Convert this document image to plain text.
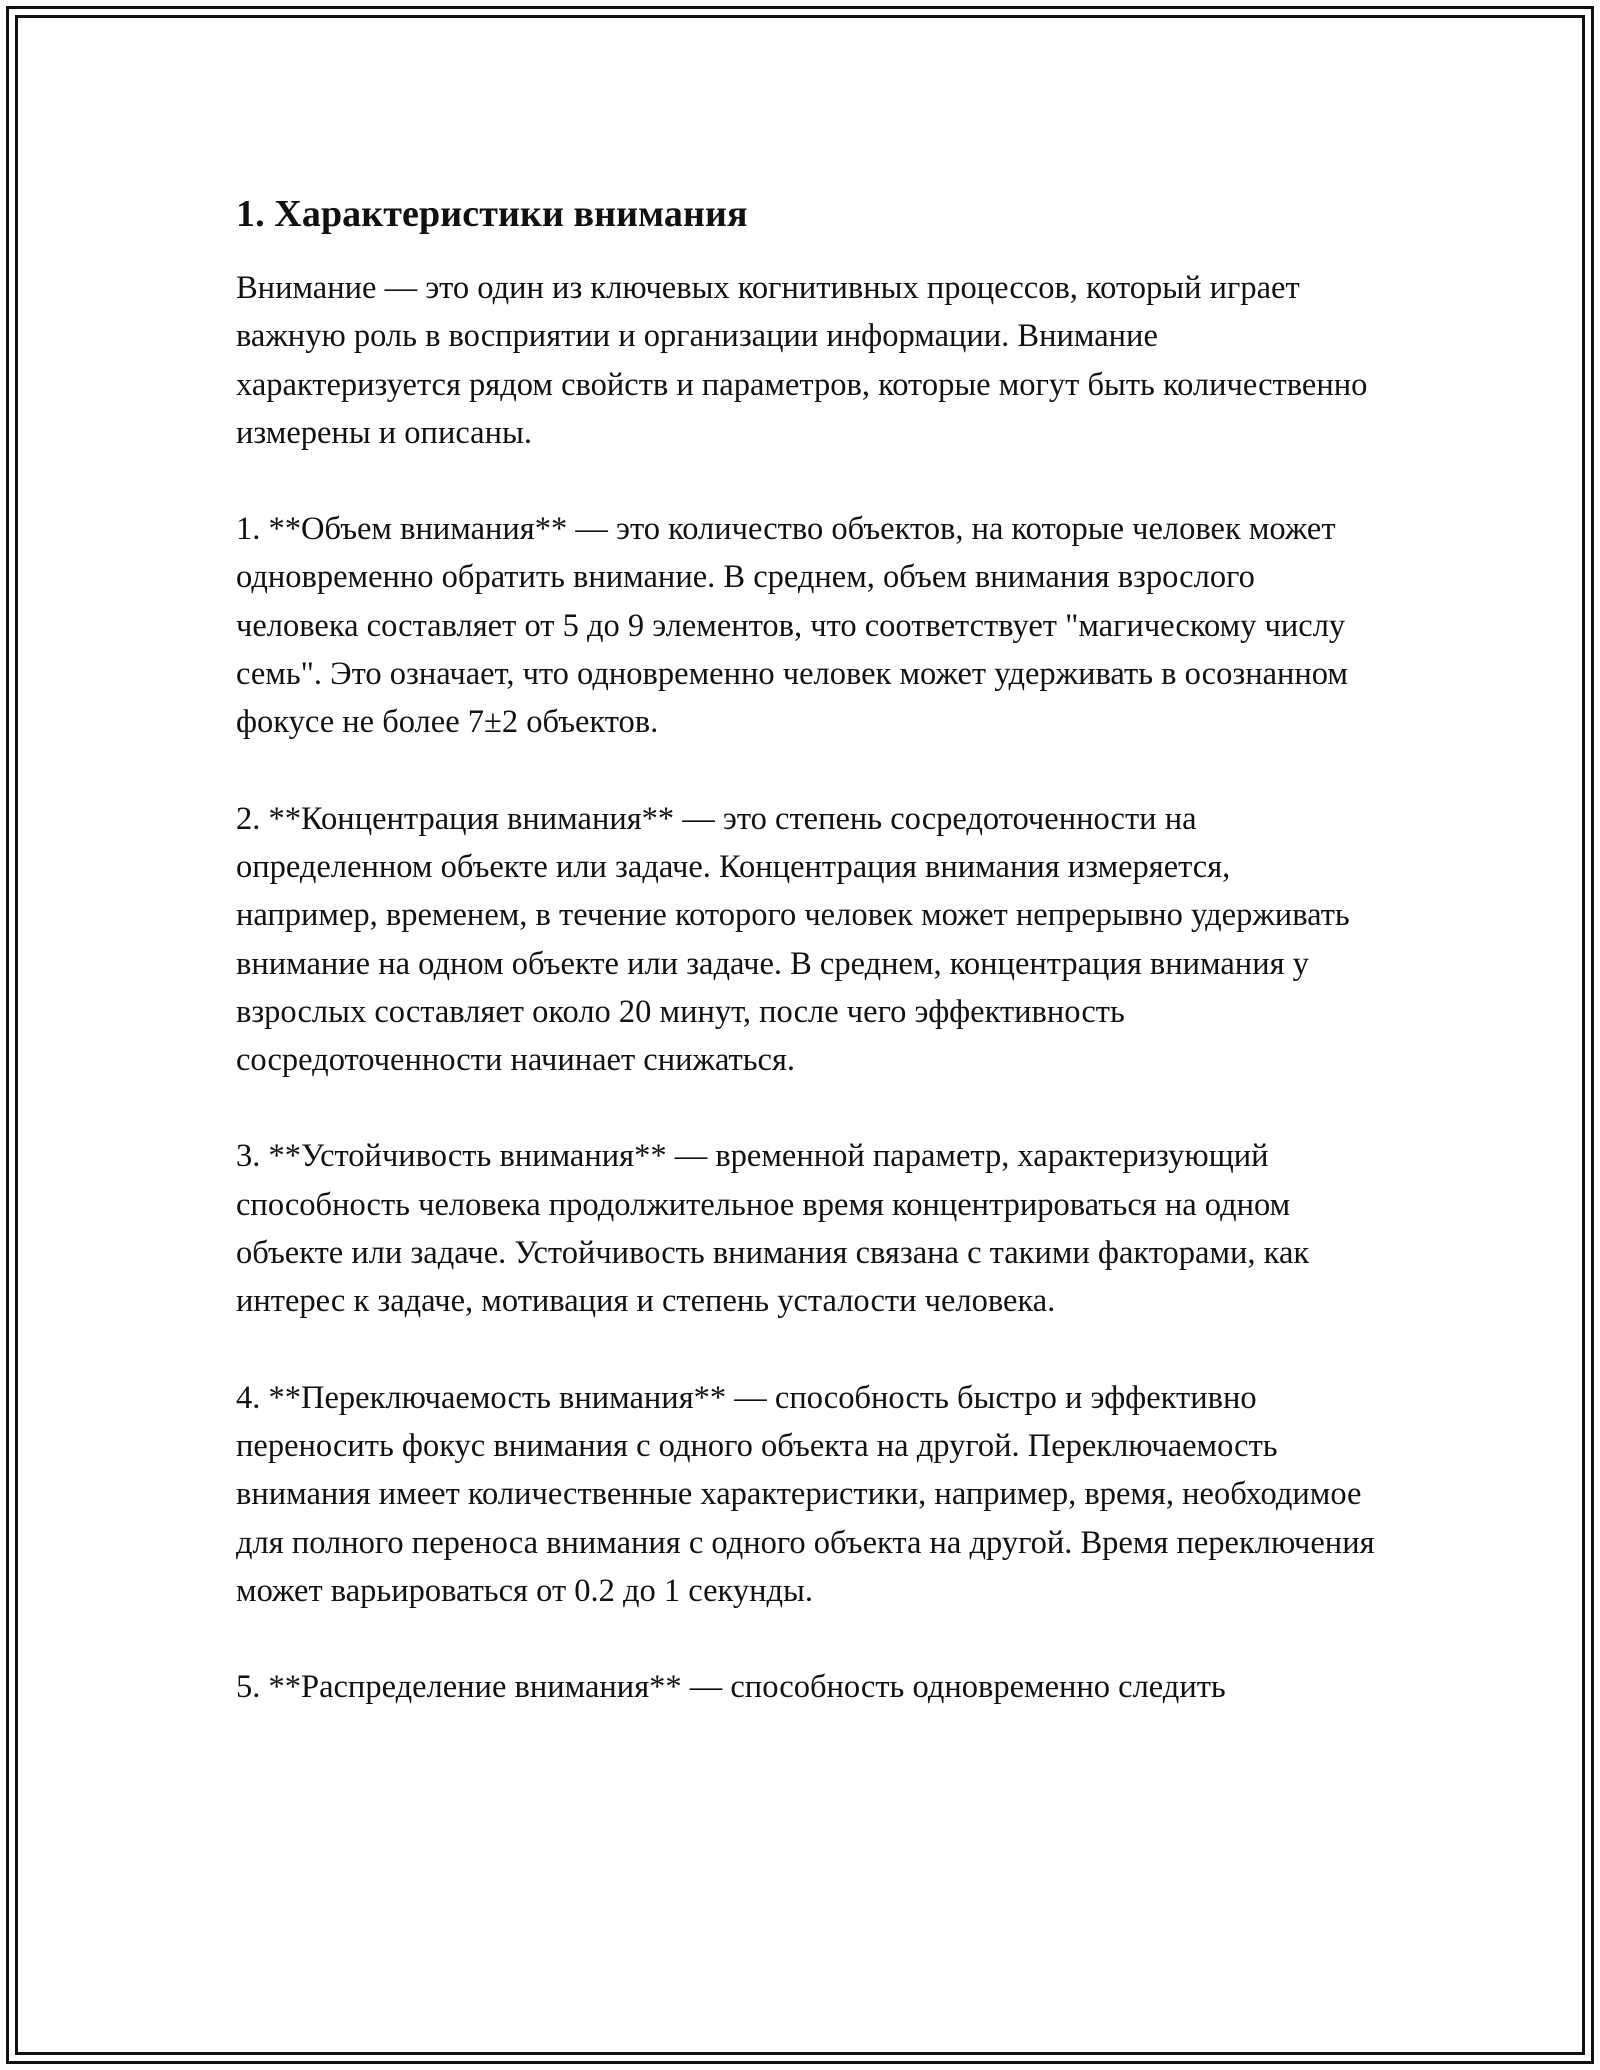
1. Характеристики внимания

Внимание — это один из ключевых когнитивных процессов, который играет важную роль в восприятии и организации информации. Внимание характеризуется рядом свойств и параметров, которые могут быть количественно измерены и описаны.

1. **Объем внимания** — это количество объектов, на которые человек может одновременно обратить внимание. В среднем, объем внимания взрослого человека составляет от 5 до 9 элементов, что соответствует "магическому числу семь". Это означает, что одновременно человек может удерживать в осознанном фокусе не более 7±2 объектов.

2. **Концентрация внимания** — это степень сосредоточенности на определенном объекте или задаче. Концентрация внимания измеряется, например, временем, в течение которого человек может непрерывно удерживать внимание на одном объекте или задаче. В среднем, концентрация внимания у взрослых составляет около 20 минут, после чего эффективность сосредоточенности начинает снижаться.

3. **Устойчивость внимания** — временной параметр, характеризующий способность человека продолжительное время концентрироваться на одном объекте или задаче. Устойчивость внимания связана с такими факторами, как интерес к задаче, мотивация и степень усталости человека.

4. **Переключаемость внимания** — способность быстро и эффективно переносить фокус внимания с одного объекта на другой. Переключаемость внимания имеет количественные характеристики, например, время, необходимое для полного переноса внимания с одного объекта на другой. Время переключения может варьироваться от 0.2 до 1 секунды.

5. **Распределение внимания** — способность одновременно следить
